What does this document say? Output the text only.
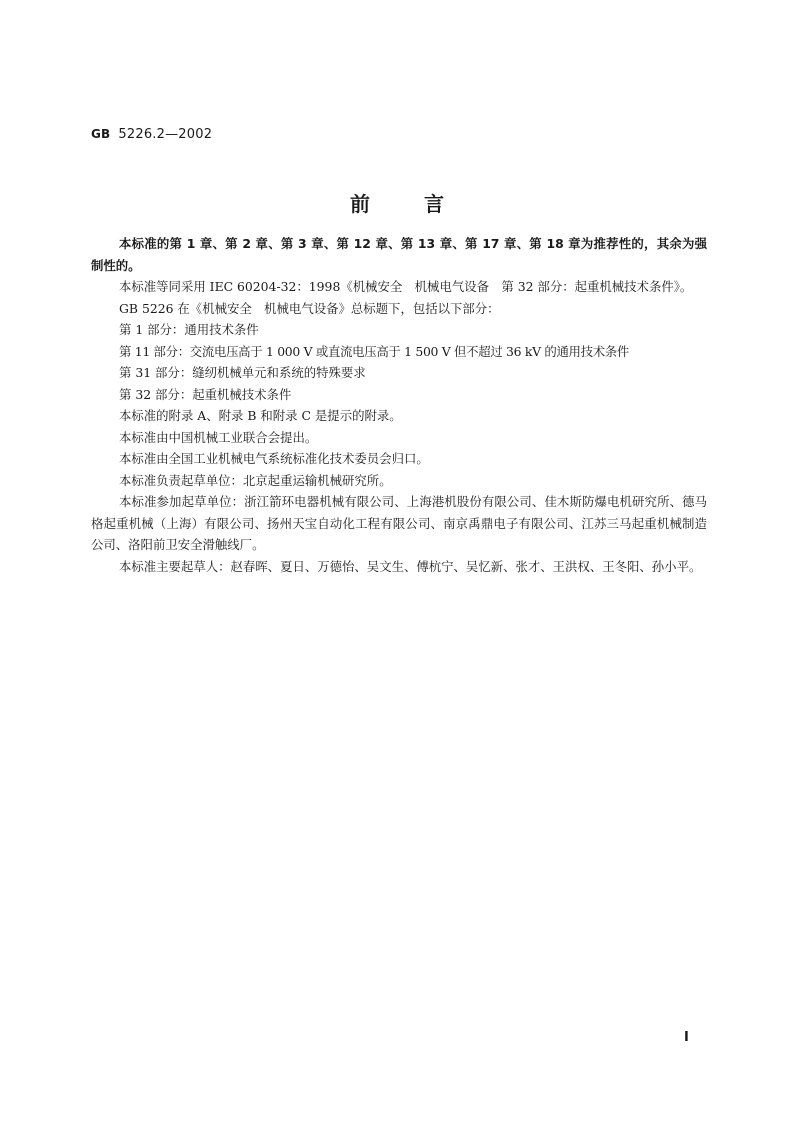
GB 5226.2—2002
前言

本标准的第 1 章、第 2 章、第 3 章、第 12 章、第 13 章、第 17 章、第 18 章为推荐性的，其余为强制性的。

本标准等同采用 IEC 60204-32：1998《机械安全　机械电气设备　第 32 部分：起重机械技术条件》。

GB 5226 在《机械安全　机械电气设备》总标题下，包括以下部分：

第 1 部分：通用技术条件

第 11 部分：交流电压高于 1 000 V 或直流电压高于 1 500 V 但不超过 36 kV 的通用技术条件

第 31 部分：缝纫机械单元和系统的特殊要求

第 32 部分：起重机械技术条件

本标准的附录 A、附录 B 和附录 C 是提示的附录。

本标准由中国机械工业联合会提出。

本标准由全国工业机械电气系统标准化技术委员会归口。

本标准负责起草单位：北京起重运输机械研究所。

本标准参加起草单位：浙江箭环电器机械有限公司、上海港机股份有限公司、佳木斯防爆电机研究所、德马格起重机械（上海）有限公司、扬州天宝自动化工程有限公司、南京禹鼎电子有限公司、江苏三马起重机械制造公司、洛阳前卫安全滑触线厂。

本标准主要起草人：赵春晖、夏日、万德怡、吴文生、傅杭宁、吴忆新、张才、王洪权、王冬阳、孙小平。

I
